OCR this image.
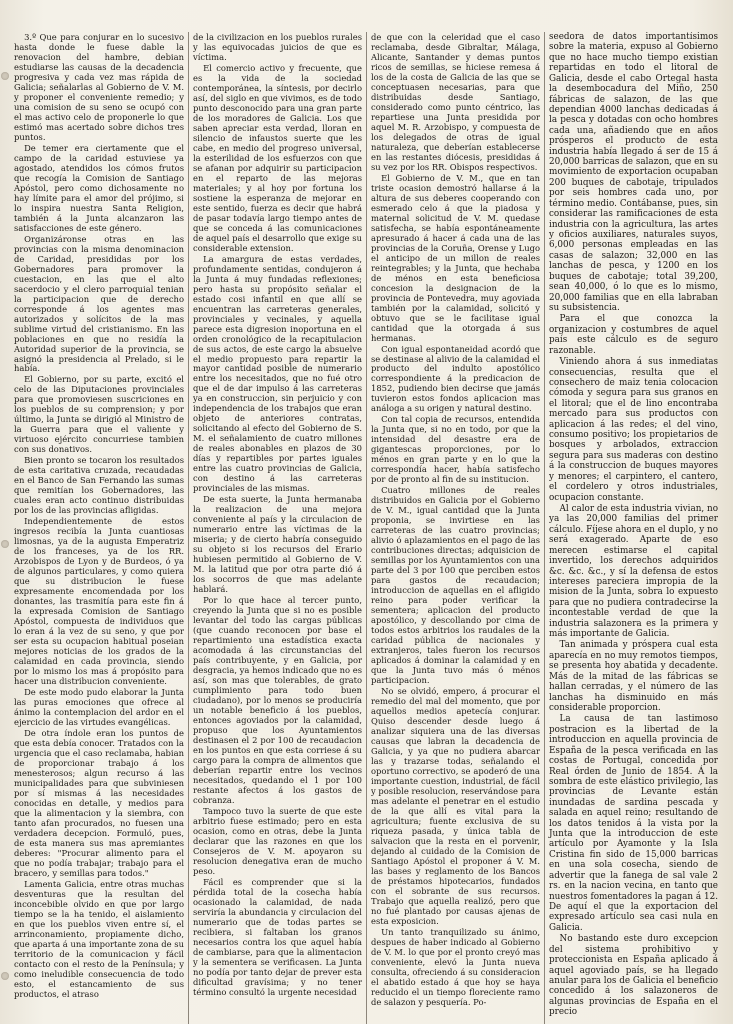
3.º Que para conjurar en lo sucesivo hasta donde le fuese dable la renovacion del hambre, debian estudiarse las causas de la decadencia progresiva y cada vez mas rápida de Galicia; señalarlas al Gobierno de V. M. y proponer el conveniente remedio; y una comision de su seno se ocupó con el mas activo celo de proponerle lo que estimó mas acertado sobre dichos tres puntos.

De temer era ciertamente que el campo de la caridad estuviese ya agostado, atendidos los cómos frutos que recogía la Comision de Santiago Apóstol, pero como dichosamente no hay límite para el amor del prójimo, si lo inspira nuestra Santa Religion, también á la Junta alcanzaron las satisfacciones de este género.

Organizáronse otras en las provincias con la misma denominacion de Caridad, presididas por los Gobernadores para promover la cuestacion, en las que el alto sacerdocio y el clero parroquial tenian la participacion que de derecho corresponde á los agentes mas autorizados y solícitos de la mas sublime virtud del cristianismo. En las poblaciones en que no residía la Autoridad superior de la provincia, se asignó la presidencia al Prelado, si le había.

El Gobierno, por su parte, excitó el celo de las Diputaciones provinciales para que promoviesen suscriciones en los pueblos de su comprension; y por último, la Junta se dirigió al Ministro de la Guerra para que el valiente y virtuoso ejército concurriese tambien con sus donativos.

Bien pronto se tocaron los resultados de esta caritativa cruzada, recaudadas en el Banco de San Fernando las sumas que remitían los Gobernadores, las cuales eran acto continuo distribuidas por los de las provincias afligidas.

Independientemente de estos ingresos recibía la Junta cuantiosas limosnas, ya de la augusta Emperatriz de los franceses, ya de los RR. Arzobispos de Lyon y de Burdeos, ó ya de algunos particulares, y como quiera que su distribucion le fuese expresamente encomendada por los donantes, las trasmitía para este fin á la expresada Comision de Santiago Apóstol, compuesta de individuos que lo eran á la vez de su seno, y que por ser esta su ocupacion habitual poseian mejores noticias de los grados de la calamidad en cada provincia, siendo por lo mismo los mas á propósito para hacer una distribucion conveniente.

De este modo pudo elaborar la Junta las puras emociones que ofrece al ánimo la contemplacion del ardor en el ejercicio de las virtudes evangélicas.

De otra índole eran los puntos de que esta debía conocer. Tratados con la urgencia que el caso reclamaba, habian de proporcionar trabajo á los menesterosos; algun recurso á las municipalidades para que subviniesen por sí mismas á las necesidades conocidas en detalle, y medios para que la alimentacion y la siembra, con tanto afan procurados, no fuesen una verdadera decepcion. Formuló, pues, de esta manera sus mas apremiantes deberes: "Procurar alimento para el que no podía trabajar; trabajo para el bracero, y semillas para todos."

Lamenta Galicia, entre otras muchas desventuras que la resultan del inconcebible olvido en que por largo tiempo se la ha tenido, el aislamiento en que los pueblos viven entre sí, el arrinconamiento, propiamente dicho, que aparta á una importante zona de su territorio de la comunicacion y fácil contacto con el resto de la Península; y como ineludible consecuencia de todo esto, el estancamiento de sus productos, el atraso

de la civilizacion en los pueblos rurales y las equivocadas juicios de que es víctima.

El comercio activo y frecuente, que es la vida de la sociedad contemporánea, la síntesis, por decirlo así, del siglo en que vivimos, es de todo punto desconocido para una gran parte de los moradores de Galicia. Los que saben apreciar esta verdad, lloran en silencio de infaustos suerte que les cabe, en medio del progreso universal, la esterilidad de los esfuerzos con que se afanan por adquirir su participacion en el reparto de las mejoras materiales; y al hoy por fortuna los sostiene la esperanza de mejorar en este sentido, fuerza es decir que habrá de pasar todavía largo tiempo antes de que se conceda á las comunicaciones de aquel país el desarrollo que exige su considerable extension.

La amargura de estas verdades, profundamente sentidas, condujeron á la Junta á muy fundadas reflexiones; pero hasta su propósito señalar el estado cosi infantil en que allí se encuentran las carreteras generales, provinciales y vecinales, y aquella parece esta digresion inoportuna en el orden cronológico de la recapitulacion de sus actos, de este cargo la absuelve el medio propuesto para repartir la mayor cantidad posible de numerario entre los necesitados, que no fué otro que el de dar impulso á las carreteras ya en construccion, sin perjuicio y con independencia de los trabajos que eran objeto de anteriores contratas, solicitando al efecto del Gobierno de S. M. el señalamiento de cuatro millones de reales abonables en plazos de 30 días y repartibles por partes iguales entre las cuatro provincias de Galicia, con destino á las carreteras provinciales de las mismas.

De esta suerte, la Junta hermanaba la realizacion de una mejora conveniente al país y la circulacion de numerario entre las víctimas de la miseria; y de cierto habría conseguido su objeto si los recursos del Erario hubiesen permitido al Gobierno de V. M. la latitud que por otra parte dió á los socorros de que mas adelante hablará.

Por lo que hace al tercer punto, creyendo la Junta que si no es posible levantar del todo las cargas públicas (que cuando reconocen por base el repartimiento una estadística exacta acomodada á las circunstancias del país contribuyente, y en Galicia, por desgracia, ya hemos indicado que no es así, son mas que tolerables, de grato cumplimiento para todo buen ciudadano), por lo menos se produciría un notable beneficio á los pueblos, entonces agoviados por la calamidad, propuso que los Ayuntamientos destinasen el 2 por 100 de recaudacion en los puntos en que esta corriese á su cargo para la compra de alimentos que deberían repartir entre los vecinos necesitados, quedando el 1 por 100 restante afectos á los gastos de cobranza.

Tampoco tuvo la suerte de que este arbitrio fuese estimado; pero en esta ocasion, como en otras, debe la Junta declarar que las razones en que los Consejeros de V. M. apoyaron su resolucion denegativa eran de mucho peso.

Fácil es comprender que si la pérdida total de la cosecha había ocasionado la calamidad, de nada serviría la abundancia y circulacion del numerario que de todas partes se recibiera, si faltaban los granos necesarios contra los que aquel había de cambiarse, para que la alimentacion y la sementera se verificasen. La Junta no podía por tanto dejar de prever esta dificultad gravísima; y no tener término consultó la urgente necesidad

de que con la celeridad que el caso reclamaba, desde Gibraltar, Málaga, Alicante, Santander y demas puntos ricos de semillas, se hiciese remesa á los de la costa de Galicia de las que se conceptuasen necesarias, para que distribuidas desde Santiago, considerado como punto céntrico, las repartiese una Junta presidida por aquel M. R. Arzobispo, y compuesta de los delegados de otras de igual naturaleza, que deberían establecerse en las restantes diócesis, presididas á su vez por los RR. Obispos respectivos.

El Gobierno de V. M., que en tan triste ocasion demostró hallarse á la altura de sus deberes cooperando con esmerado celo á que la piadosa y maternal solicitud de V. M. quedase satisfecha, se había espontáneamente apresurado á hacer á cada una de las provincias de la Coruña, Orense y Lugo el anticipo de un millon de reales reintegrables; y la Junta, que hechaba de ménos en esta beneficiosa concesion la designacion de la provincia de Pontevedra, muy agoviada también por la calamidad, solicitó y obtuvo que se le facilitase igual cantidad que la otorgada á sus hermanas.

Con igual espontaneidad acordó que se destinase al alivio de la calamidad el producto del indulto apostólico correspondiente á la predicacion de 1852, pudiendo bien decirse que jamás tuvieron estos fondos aplicacion mas análoga a su origen y natural destino.

Con tal copia de recursos, entendida la Junta que, si no en todo, por que la intensidad del desastre era de gigantescas proporciones, por lo ménos en gran parte y en lo que la correspondía hacer, había satisfecho por de pronto al fin de su institucion.

Cuatro millones de reales distribuidos en Galicia por el Gobierno de V. M., igual cantidad que la Junta proponia, se invirtiese en las carreteras de las cuatro provincias; alivio ó aplazamientos en el pago de las contribuciones directas; adquisicion de semillas por los Ayuntamientos con una parte del 3 por 100 que perciben estos para gastos de recaudacion; introduccion de aquellas en el afligido reino para poder verificar la sementera; aplicacion del producto apostólico, y descollando por cima de todos estos arbitrios los raudales de la caridad pública de nacionales y extranjeros, tales fueron los recursos aplicados á dominar la calamidad y en que la Junta tuvo más ó ménos participacion.

No se olvidó, empero, á procurar el remedio del mal del momento, que por aquellos medios apetecía conjurar. Quiso descender desde luego á analizar siquiera una de las diversas causas que labran la decadencia de Galicia, y ya que no pudiera abarcar las y trazarse todas, señalando el oportuno correctivo, se apoderó de una importante cuestion, industrial, de fácil y posible resolucion, reservándose para mas adelante el penetrar en el estudio de la que allí es vital para la agricultura; fuente exclusiva de su riqueza pasada, y única tabla de salvacion que la resta en el porvenir, dejando al cuidado de la Comision de Santiago Apóstol el proponer á V. M. las bases y reglamento de los Bancos de préstamos hipotecarios, fundados con el sobrante de sus recursos. Trabajo que aquella realizó, pero que no fué plantado por causas ajenas de esta exposicion.

Un tanto tranquilizado su ánimo, despues de haber indicado al Gobierno de V. M. lo que por el pronto creyó mas conveniente, elevó la Junta nueva consulta, ofreciendo á su consideracion el abatido estado á que hoy se haya reducido el un tiempo floreciente ramo de salazon y pesquería. Po-

seedora de datos importantísimos sobre la materia, expuso al Gobierno que no hace mucho tiempo existian repartidas en todo el litoral de Galicia, desde el cabo Ortegal hasta la desembocadura del Miño, 250 fábricas de salazon, de las que dependian 4000 lanchas dedicadas á la pesca y dotadas con ocho hombres cada una, añadiendo que en años prósperos el producto de esta industria había llegado á ser de 15 á 20,000 barricas de salazon, que en su movimiento de exportacion ocupaban 200 buques de cabotaje, tripulados por seis hombres cada uno, por término medio. Contábanse, pues, sin considerar las ramificaciones de esta industria con la agricultura, las artes y oficios auxiliares, naturales suyos, 6,000 personas empleadas en las casas de salazon; 32,000 en las lanchas de pesca, y 1200 en los buques de cabotaje; total 39,200, sean 40,000, ó lo que es lo mismo, 20,000 familias que en ella labraban su subsistencia.

Para el que conozca la organizacion y costumbres de aquel país este cálculo es de seguro razonable.

Viniendo ahora á sus inmediatas consecuencias, resulta que el consechero de maiz tenia colocacion cómoda y segura para sus granos en el litoral; que el de lino encontraba mercado para sus productos con aplicacion á las redes; el del vino, consumo positivo; los propietarios de bosques y arbolados, extraccion segura para sus maderas con destino á la construccion de buques mayores y menores; el carpintero, el cantero, el cordelero y otros industriales, ocupacion constante.

Al calor de esta industria vivian, no ya las 20,000 familias del primer cálculo. Fíjese ahora en el duplo, y no será exagerado. Aparte de eso merecen estimarse el capital invertido, los derechos adquiridos &c. &c. &c., y sí la defensa de estos intereses pareciera impropia de la mision de la Junta, sobra lo expuesto para que no pudiera contradecirse la incontestable verdad de que la industria salazonera es la primera y más importante de Galicia.

Tan animada y próspera cual esta aparecía en no muy remotos tiempos, se presenta hoy abatida y decadente. Más de la mitad de las fábricas se hallan cerradas, y el número de las lanchas ha disminuido en más considerable proporcion.

La causa de tan lastimoso postracion es la libertad de la introduccion en aquella provincia de España de la pesca verificada en las costas de Portugal, concedida por Real órden de Junio de 1854. Á la sombra de este elástico privilegio, las provincias de Levante están inundadas de sardina pescada y salada en aquel reino; resultando de los datos tenidos á la vista por la Junta que la introduccion de este artículo por Ayamonte y la Isla Cristina fin sido de 15,000 barricas en una sola cosecha, siendo de advertir que la fanega de sal vale 2 rs. en la nacion vecina, en tanto que nuestros fomentadores la pagan á 12. De aquí el que la exportacion del expresado artículo sea casi nula en Galicia.

No bastando este duro excepcion del sistema prohibitivo y proteccionista en España aplicado á aquel agoviado país, se ha llegado anular para los de Galicia el beneficio concedido á los salazoneros de algunas provincias de España en el precio
